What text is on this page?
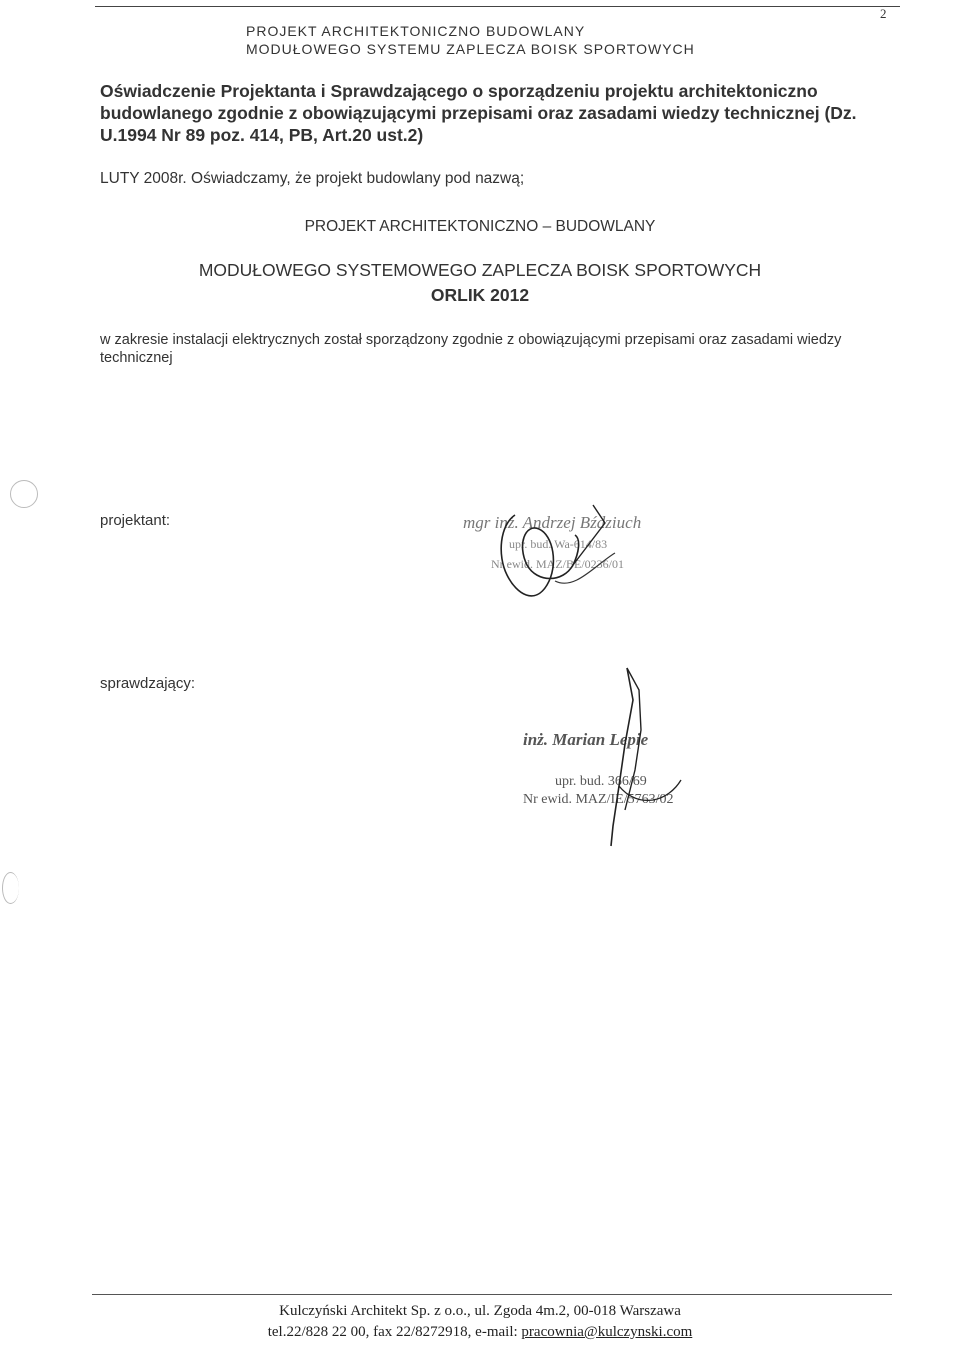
2
PROJEKT ARCHITEKTONICZNO BUDOWLANY
MODUŁOWEGO SYSTEMU ZAPLECZA BOISK SPORTOWYCH
Oświadczenie Projektanta i Sprawdzającego o sporządzeniu projektu architektoniczno budowlanego zgodnie z obowiązującymi przepisami oraz zasadami wiedzy technicznej (Dz. U.1994 Nr 89 poz. 414, PB, Art.20 ust.2)
LUTY 2008r. Oświadczamy, że projekt budowlany pod nazwą;
PROJEKT ARCHITEKTONICZNO – BUDOWLANY
MODUŁOWEGO SYSTEMOWEGO ZAPLECZA BOISK SPORTOWYCH
ORLIK 2012
w zakresie instalacji elektrycznych został sporządzony zgodnie z obowiązującymi przepisami oraz zasadami wiedzy technicznej
projektant:	mgr inż. Andrzej Bździuch
upr. bud. Wa-614/83
Nr ewid. MAZ/BE/0236/01
sprawdzający:
inż. Marian Lepie
upr. bud. 366/69
Nr ewid. MAZ/IE/5763/02
Kulczyński Architekt Sp. z o.o., ul. Zgoda 4m.2, 00-018 Warszawa
tel.22/828 22 00, fax 22/8272918, e-mail: pracownia@kulczynski.com
